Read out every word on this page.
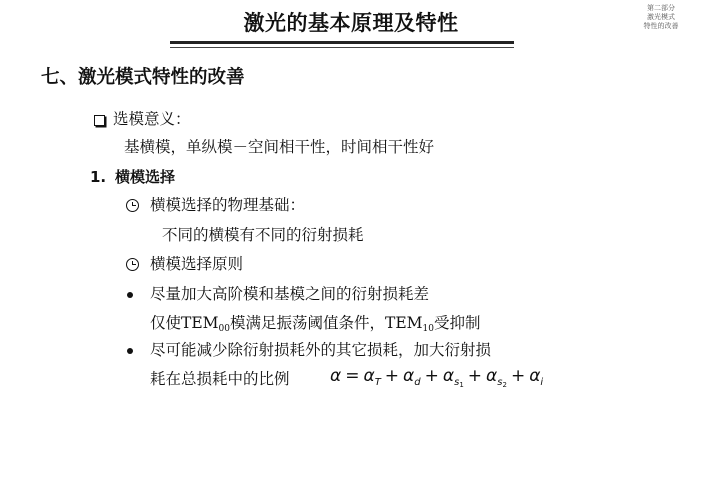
激光的基本原理及特性
第二部分
激光模式
特性的改善
七、激光模式特性的改善
选模意义：
基横模，单纵模－空间相干性，时间相干性好
1. 横模选择
横模选择的物理基础：
不同的横模有不同的衍射损耗
横模选择原则
尽量加大高阶模和基模之间的衍射损耗差
仅使$TEM_{00}$模满足振荡阈值条件，$TEM_{10}$受抑制
尽可能减少除衍射损耗外的其它损耗，加大衍射损
耗在总损耗中的比例 $\alpha = \alpha_T + \alpha_d + \alpha_{s_1} + \alpha_{s_2} + \alpha_i$
